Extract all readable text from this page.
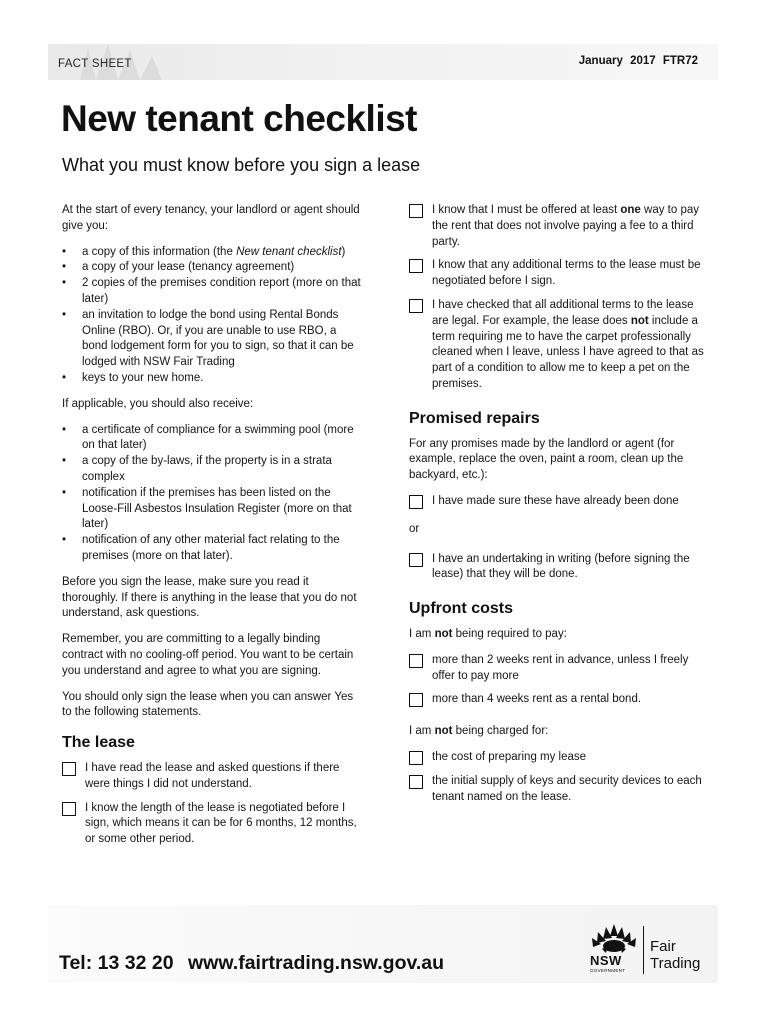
FACT SHEET	January 2017 FTR72
New tenant checklist
What you must know before you sign a lease

At the start of every tenancy, your landlord or agent should give you:

• a copy of this information (the New tenant checklist)
• a copy of your lease (tenancy agreement)
• 2 copies of the premises condition report (more on that later)
• an invitation to lodge the bond using Rental Bonds Online (RBO). Or, if you are unable to use RBO, a bond lodgement form for you to sign, so that it can be lodged with NSW Fair Trading
• keys to your new home.

If applicable, you should also receive:

• a certificate of compliance for a swimming pool (more on that later)
• a copy of the by-laws, if the property is in a strata complex
• notification if the premises has been listed on the Loose-Fill Asbestos Insulation Register (more on that later)
• notification of any other material fact relating to the premises (more on that later).

Before you sign the lease, make sure you read it thoroughly. If there is anything in the lease that you do not understand, ask questions.

Remember, you are committing to a legally binding contract with no cooling-off period. You want to be certain you understand and agree to what you are signing.

You should only sign the lease when you can answer Yes to the following statements.

The lease
I have read the lease and asked questions if there were things I did not understand.
I know the length of the lease is negotiated before I sign, which means it can be for 6 months, 12 months, or some other period.
I know that I must be offered at least one way to pay the rent that does not involve paying a fee to a third party.
I know that any additional terms to the lease must be negotiated before I sign.
I have checked that all additional terms to the lease are legal. For example, the lease does not include a term requiring me to have the carpet professionally cleaned when I leave, unless I have agreed to that as part of a condition to allow me to keep a pet on the premises.
Promised repairs

For any promises made by the landlord or agent (for example, replace the oven, paint a room, clean up the backyard, etc.):

I have made sure these have already been done
or
I have an undertaking in writing (before signing the lease) that they will be done.
Upfront costs

I am not being required to pay:

more than 2 weeks rent in advance, unless I freely offer to pay more
more than 4 weeks rent as a rental bond.

I am not being charged for:

the cost of preparing my lease
the initial supply of keys and security devices to each tenant named on the lease.
Tel: 13 32 20 www.fairtrading.nsw.gov.au	NSW
GOVERNMENT
Fair
Trading
